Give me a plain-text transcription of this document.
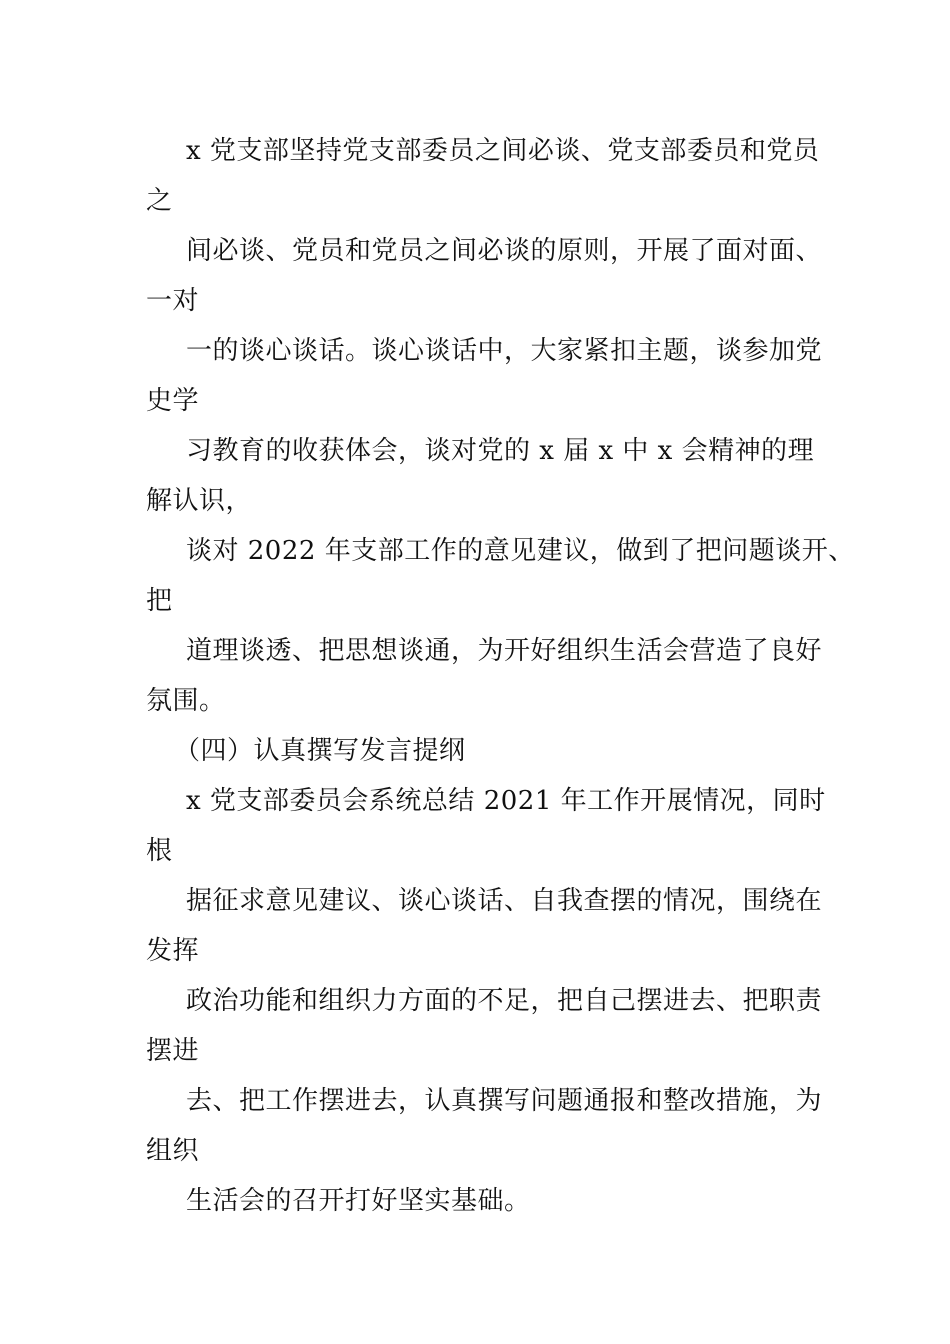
x 党支部坚持党支部委员之间必谈、党支部委员和党员
之
间必谈、党员和党员之间必谈的原则，开展了面对面、
一对
一的谈心谈话。谈心谈话中，大家紧扣主题，谈参加党
史学
习教育的收获体会，谈对党的 x 届 x 中 x 会精神的理
解认识，
谈对 2022 年支部工作的意见建议，做到了把问题谈开、
把
道理谈透、把思想谈通，为开好组织生活会营造了良好
氛围。
（四）认真撰写发言提纲
x 党支部委员会系统总结 2021 年工作开展情况，同时
根
据征求意见建议、谈心谈话、自我查摆的情况，围绕在
发挥
政治功能和组织力方面的不足，把自己摆进去、把职责
摆进
去、把工作摆进去，认真撰写问题通报和整改措施，为
组织
生活会的召开打好坚实基础。
